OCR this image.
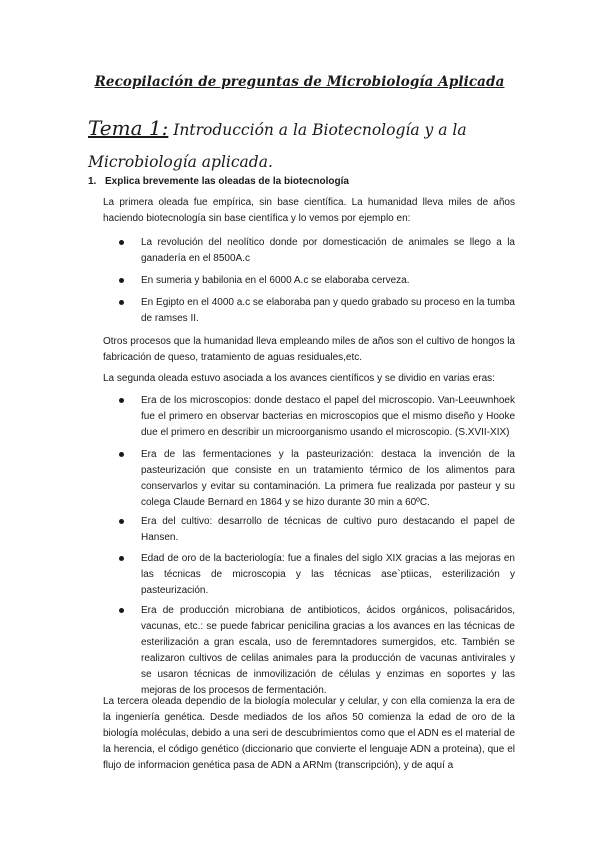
Recopilación de preguntas de Microbiología Aplicada
Tema 1: Introducción a la Biotecnología y a la Microbiología aplicada.
1. Explica brevemente las oleadas de la biotecnología

La primera oleada fue empírica, sin base científica. La humanidad lleva miles de años haciendo biotecnología sin base científica y lo vemos por ejemplo en:

La revolución del neolítico donde por domesticación de animales se llego a la ganadería en el 8500A.c
En sumeria y babilonia en el 6000 A.c se elaboraba cerveza.
En Egipto en el 4000 a.c se elaboraba pan y quedo grabado su proceso en la tumba de ramses II.

Otros procesos que la humanidad lleva empleando miles de años son el cultivo de hongos la fabricación de queso, tratamiento de aguas residuales,etc.

La segunda oleada estuvo asociada a los avances científicos y se dividio en varias eras:

Era de los microscopios: donde destaco el papel del microscopio. Van-Leeuwnhoek fue el primero en observar bacterias en microscopios que el mismo diseño y Hooke due el primero en describir un microorganismo usando el microscopio. (S.XVII-XIX)
Era de las fermentaciones y la pasteurización: destaca la invención de la pasteurización que consiste en un tratamiento térmico de los alimentos para conservarlos y evitar su contaminación. La primera fue realizada por pasteur y su colega Claude Bernard en 1864 y se hizo durante 30 min a 60ºC.
Era del cultivo: desarrollo de técnicas de cultivo puro destacando el papel de Hansen.
Edad de oro de la bacteriología: fue a finales del siglo XIX gracias a las mejoras en las técnicas de microscopia y las técnicas ase`ptiicas, esterilización y pasteurización.
Era de producción microbiana de antibioticos, ácidos orgánicos, polisacáridos, vacunas, etc.: se puede fabricar penicilina gracias a los avances en las técnicas de esterilización a gran escala, uso de feremntadores sumergidos, etc. También se realizaron cultivos de celilas animales para la producción de vacunas antivirales y se usaron técnicas de inmovilización de células y enzimas en soportes y las mejoras de los procesos de fermentación.

La tercera oleada dependio de la biología molecular y celular, y con ella comienza la era de la ingeniería genética. Desde mediados de los años 50 comienza la edad de oro de la biología moléculas, debido a una seri de descubrimientos como que el ADN es el material de la herencia, el código genético (diccionario que convierte el lenguaje ADN a proteina), que el flujo de informacion genética pasa de ADN a ARNm (transcripción), y de aquí a
